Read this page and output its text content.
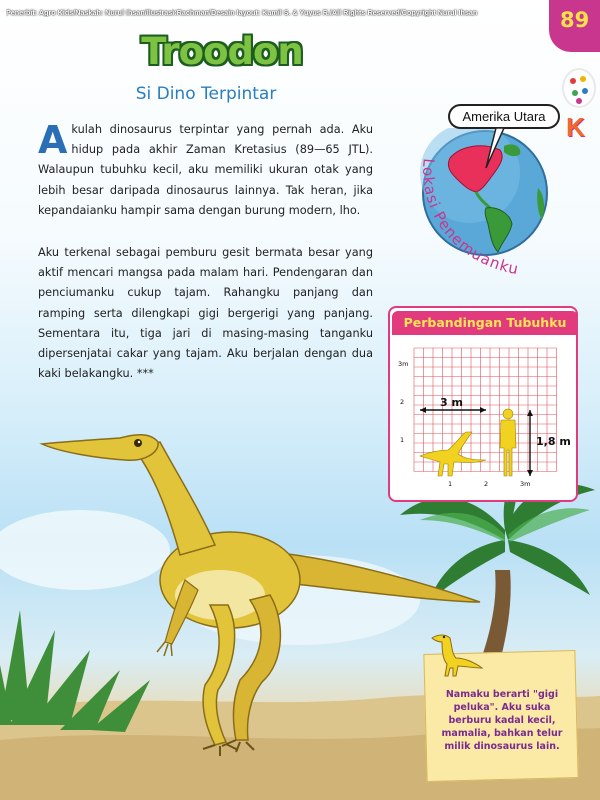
Penerbit: Agro Kids/Naskah: Nurul Ihsan/Ilustrasi:Rachman/Desain layout: Kamil S. & Yuyus R./All Rights Reserved/Copyright Nurul Ihsan	89
K
Troodon
Si Dino Terpintar
Akulah dinosaurus terpintar yang pernah ada. Aku hidup pada akhir Zaman Kretasius (89—65 JTL). Walaupun tubuhku kecil, aku memiliki ukuran otak yang lebih besar daripada dinosaurus lainnya. Tak heran, jika kepandaianku hampir sama dengan burung modern, lho.
Aku terkenal sebagai pemburu gesit bermata besar yang aktif mencari mangsa pada malam hari. Pendengaran dan penciumanku cukup tajam. Rahangku panjang dan ramping serta dilengkapi gigi bergerigi yang panjang. Sementara itu, tiga jari di masing-masing tanganku dipersenjatai cakar yang tajam. Aku berjalan dengan dua kaki belakangku. ***
Amerika Utara
Lokasi Penemuanku
Perbandingan Tubuhku
3m
2
1
1	2	3m
3 m
1,8 m
Namaku berarti "gigi peluka". Aku suka berburu kadal kecil, mamalia, bahkan telur milik dinosaurus lain.
